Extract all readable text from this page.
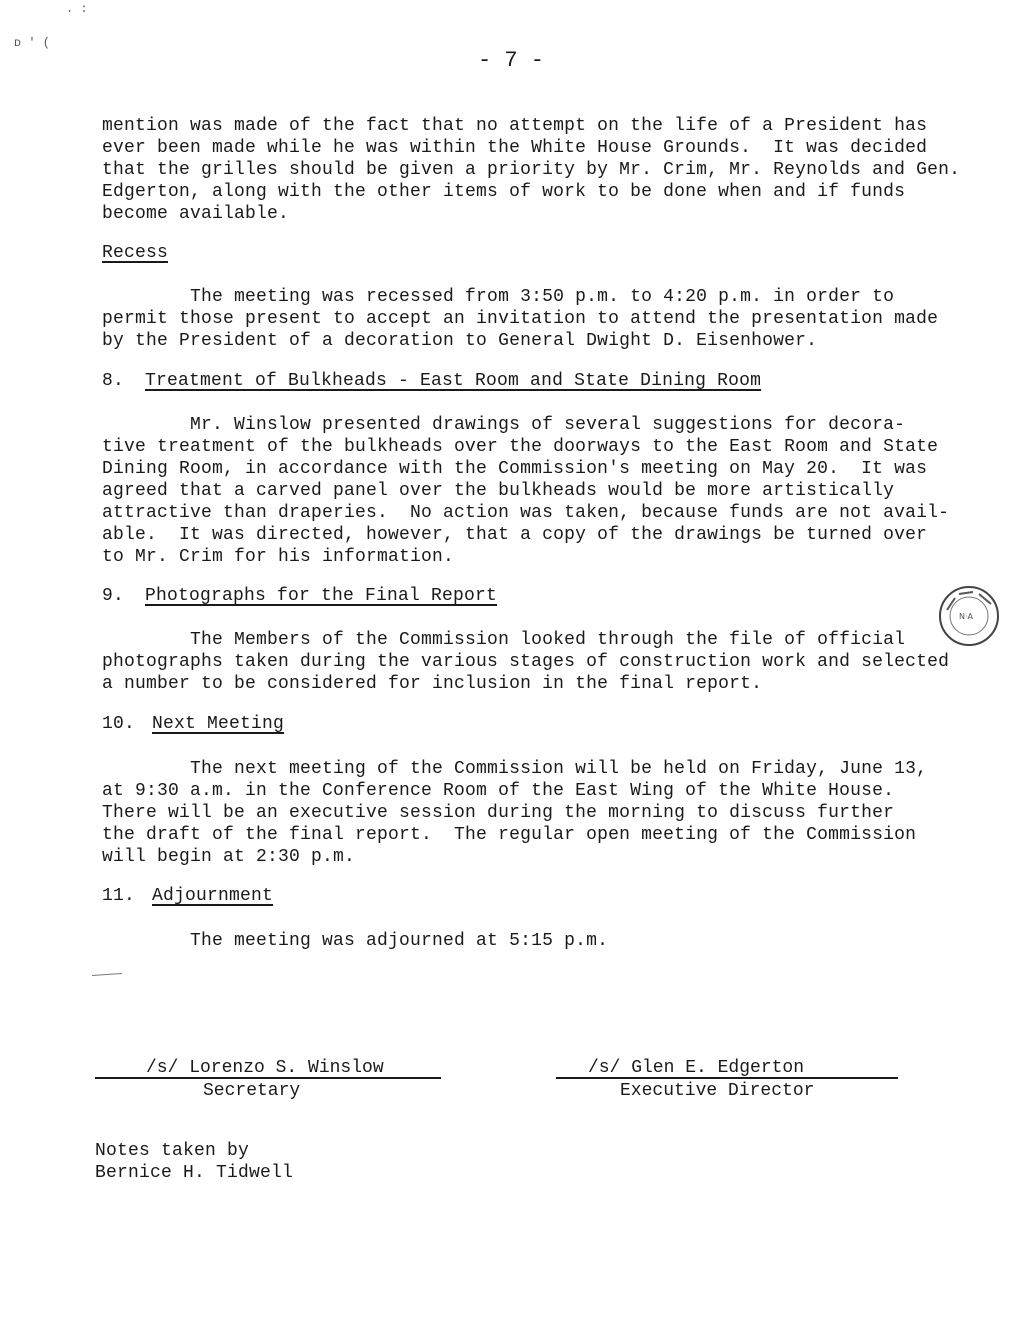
. :
ᴅ ' (
- 7 -
mention was made of the fact that no attempt on the life of a President has
ever been made while he was within the White House Grounds.  It was decided
that the grilles should be given a priority by Mr. Crim, Mr. Reynolds and Gen.
Edgerton, along with the other items of work to be done when and if funds
become available.
Recess
The meeting was recessed from 3:50 p.m. to 4:20 p.m. in order to
permit those present to accept an invitation to attend the presentation made
by the President of a decoration to General Dwight D. Eisenhower.
8. Treatment of Bulkheads - East Room and State Dining Room
Mr. Winslow presented drawings of several suggestions for decora-
tive treatment of the bulkheads over the doorways to the East Room and State
Dining Room, in accordance with the Commission's meeting on May 20.  It was
agreed that a carved panel over the bulkheads would be more artistically
attractive than draperies.  No action was taken, because funds are not avail-
able.  It was directed, however, that a copy of the drawings be turned over
to Mr. Crim for his information.
9. Photographs for the Final Report
The Members of the Commission looked through the file of official
photographs taken during the various stages of construction work and selected
a number to be considered for inclusion in the final report.
10. Next Meeting
The next meeting of the Commission will be held on Friday, June 13,
at 9:30 a.m. in the Conference Room of the East Wing of the White House.
There will be an executive session during the morning to discuss further
the draft of the final report.  The regular open meeting of the Commission
will begin at 2:30 p.m.
11. Adjournment
The meeting was adjourned at 5:15 p.m.
/s/ Lorenzo S. Winslow
Secretary
/s/ Glen E. Edgerton
Executive Director
Notes taken by
Bernice H. Tidwell
N·A
